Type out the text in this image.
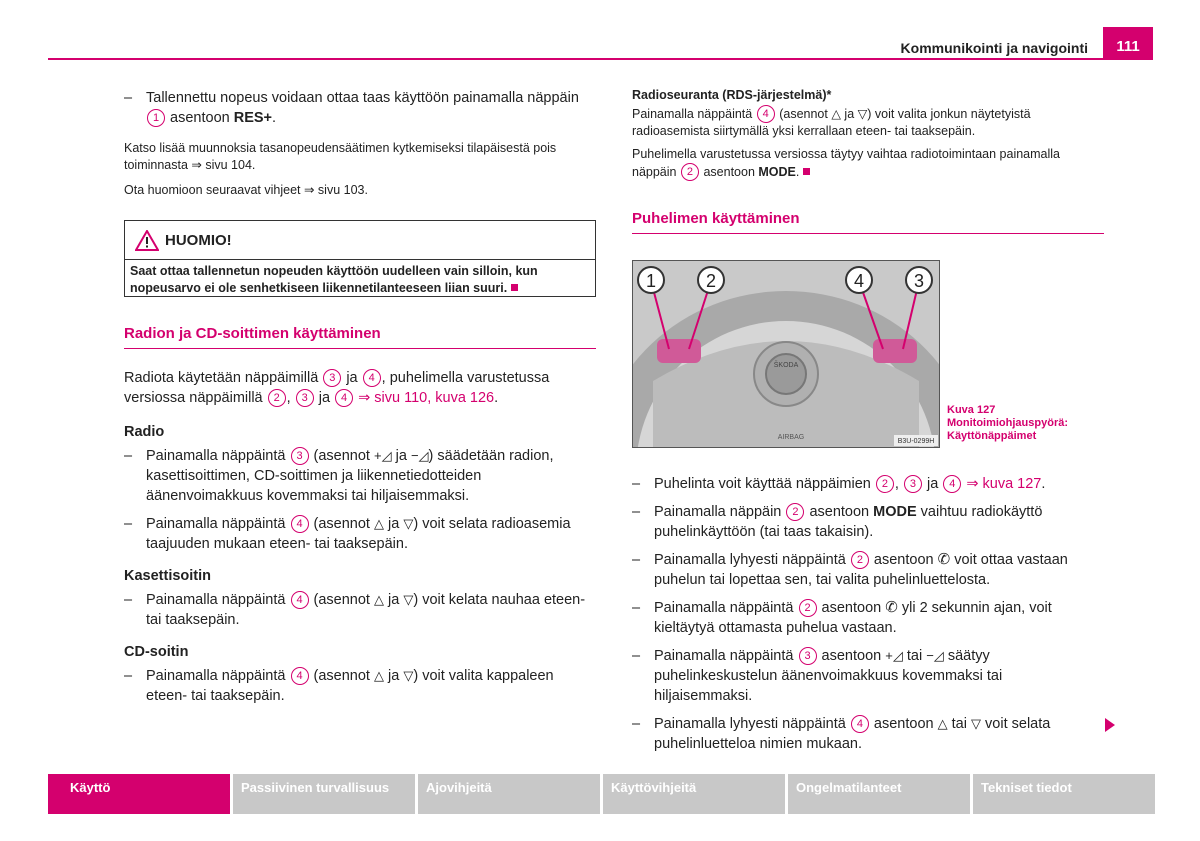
Kommunikointi ja navigointi	111

– Tallennettu nopeus voidaan ottaa taas käyttöön painamalla näppäin 1 asentoon RES+.

Katso lisää muunnoksia tasanopeudensäätimen kytkemiseksi tilapäisestä pois toiminnasta ⇒ sivu 104.

Ota huomioon seuraavat vihjeet ⇒ sivu 103.

HUOMIO!
Saat ottaa tallennetun nopeuden käyttöön uudelleen vain silloin, kun nopeusarvo ei ole senhetkiseen liikennetilanteeseen liian suuri.
Radion ja CD-soittimen käyttäminen

Radiota käytetään näppäimillä 3 ja 4 , puhelimella varustetussa versiossa näppäimillä 2 , 3 ja 4 ⇒ sivu 110, kuva 126.

Radio

– Painamalla näppäintä 3 (asennot +◿ ja −◿) säädetään radion, kasettisoittimen, CD-soittimen ja liikennetiedotteiden äänenvoimakkuus kovemmaksi tai hiljaisemmaksi.

– Painamalla näppäintä 4 (asennot △ ja ▽) voit selata radioasemia taajuuden mukaan eteen- tai taaksepäin.

Kasettisoitin

– Painamalla näppäintä 4 (asennot △ ja ▽) voit kelata nauhaa eteen- tai taaksepäin.

CD-soitin

– Painamalla näppäintä 4 (asennot △ ja ▽) voit valita kappaleen eteen- tai taaksepäin.

Radioseuranta (RDS-järjestelmä)*

Painamalla näppäintä 4 (asennot △ ja ▽) voit valita jonkun näytetyistä radioasemista siirtymällä yksi kerrallaan eteen- tai taaksepäin.

Puhelimella varustetussa versiossa täytyy vaihtaa radiotoimintaan painamalla näppäin 2 asentoon MODE.

Puhelimen käyttäminen
1	2	4	3
ŠKODA
AIRBAG
B3U-0299H
Kuva 127 Monitoimiohjauspyörä: Käyttönäppäimet

– Puhelinta voit käyttää näppäimien 2 , 3 ja 4 ⇒ kuva 127.

– Painamalla näppäin 2 asentoon MODE vaihtuu radiokäyttö puhelinkäyttöön (tai taas takaisin).

– Painamalla lyhyesti näppäintä 2 asentoon ✆ voit ottaa vastaan puhelun tai lopettaa sen, tai valita puhelinluettelosta.

– Painamalla näppäintä 2 asentoon ✆ yli 2 sekunnin ajan, voit kieltäytyä ottamasta puhelua vastaan.

– Painamalla näppäintä 3 asentoon +◿ tai −◿ säätyy puhelinkeskustelun äänenvoimakkuus kovemmaksi tai hiljaisemmaksi.

– Painamalla lyhyesti näppäintä 4 asentoon △ tai ▽ voit selata puhelinluetteloa nimien mukaan.

Käyttö	Passiivinen turvallisuus	Ajovihjeitä	Käyttövihjeitä	Ongelmatilanteet	Tekniset tiedot
